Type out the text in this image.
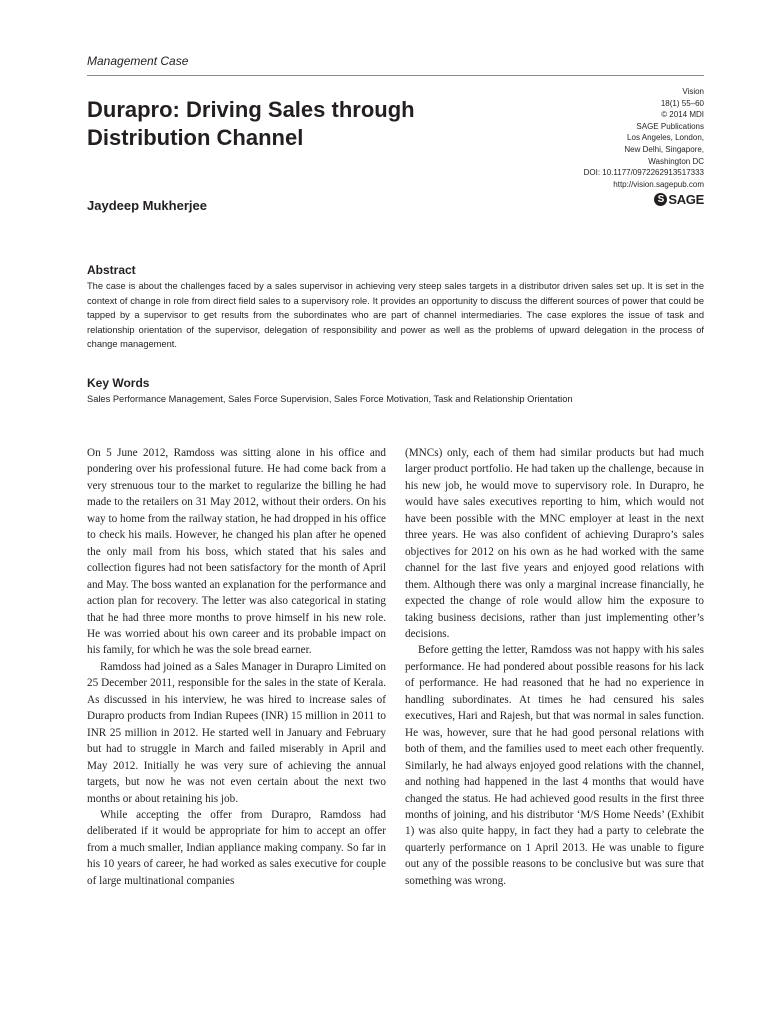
Management Case
Durapro: Driving Sales through Distribution Channel
Vision
18(1) 55–60
© 2014 MDI
SAGE Publications
Los Angeles, London,
New Delhi, Singapore,
Washington DC
DOI: 10.1177/0972262913517333
http://vision.sagepub.com
S SAGE
Jaydeep Mukherjee
Abstract
The case is about the challenges faced by a sales supervisor in achieving very steep sales targets in a distributor driven sales set up. It is set in the context of change in role from direct field sales to a supervisory role. It provides an opportunity to discuss the different sources of power that could be tapped by a supervisor to get results from the subordinates who are part of channel intermediaries. The case explores the issue of task and relationship orientation of the supervisor, delegation of responsibility and power as well as the problems of upward delegation in the process of change management.
Key Words
Sales Performance Management, Sales Force Supervision, Sales Force Motivation, Task and Relationship Orientation

On 5 June 2012, Ramdoss was sitting alone in his office and pondering over his professional future. He had come back from a very strenuous tour to the market to regularize the billing he had made to the retailers on 31 May 2012, without their orders. On his way to home from the railway station, he had dropped in his office to check his mails. However, he changed his plan after he opened the only mail from his boss, which stated that his sales and collection figures had not been satisfactory for the month of April and May. The boss wanted an explanation for the performance and action plan for recovery. The letter was also categorical in stating that he had three more months to prove himself in his new role. He was worried about his own career and its probable impact on his family, for which he was the sole bread earner.

Ramdoss had joined as a Sales Manager in Durapro Limited on 25 December 2011, responsible for the sales in the state of Kerala. As discussed in his interview, he was hired to increase sales of Durapro products from Indian Rupees (INR) 15 million in 2011 to INR 25 million in 2012. He started well in January and February but had to struggle in March and failed miserably in April and May 2012. Initially he was very sure of achieving the annual targets, but now he was not even certain about the next two months or about retaining his job.

While accepting the offer from Durapro, Ramdoss had deliberated if it would be appropriate for him to accept an offer from a much smaller, Indian appliance making company. So far in his 10 years of career, he had worked as sales executive for couple of large multinational companies

(MNCs) only, each of them had similar products but had much larger product portfolio. He had taken up the challenge, because in his new job, he would move to supervisory role. In Durapro, he would have sales executives reporting to him, which would not have been possible with the MNC employer at least in the next three years. He was also confident of achieving Durapro’s sales objectives for 2012 on his own as he had worked with the same channel for the last five years and enjoyed good relations with them. Although there was only a marginal increase financially, he expected the change of role would allow him the exposure to taking business decisions, rather than just implementing other’s decisions.

Before getting the letter, Ramdoss was not happy with his sales performance. He had pondered about possible reasons for his lack of performance. He had reasoned that he had no experience in handling subordinates. At times he had censured his sales executives, Hari and Rajesh, but that was normal in sales function. He was, however, sure that he had good personal relations with both of them, and the families used to meet each other frequently. Similarly, he had always enjoyed good relations with the channel, and nothing had happened in the last 4 months that would have changed the status. He had achieved good results in the first three months of joining, and his distributor ‘M/S Home Needs’ (Exhibit 1) was also quite happy, in fact they had a party to celebrate the quarterly performance on 1 April 2013. He was unable to figure out any of the possible reasons to be conclusive but was sure that something was wrong.
